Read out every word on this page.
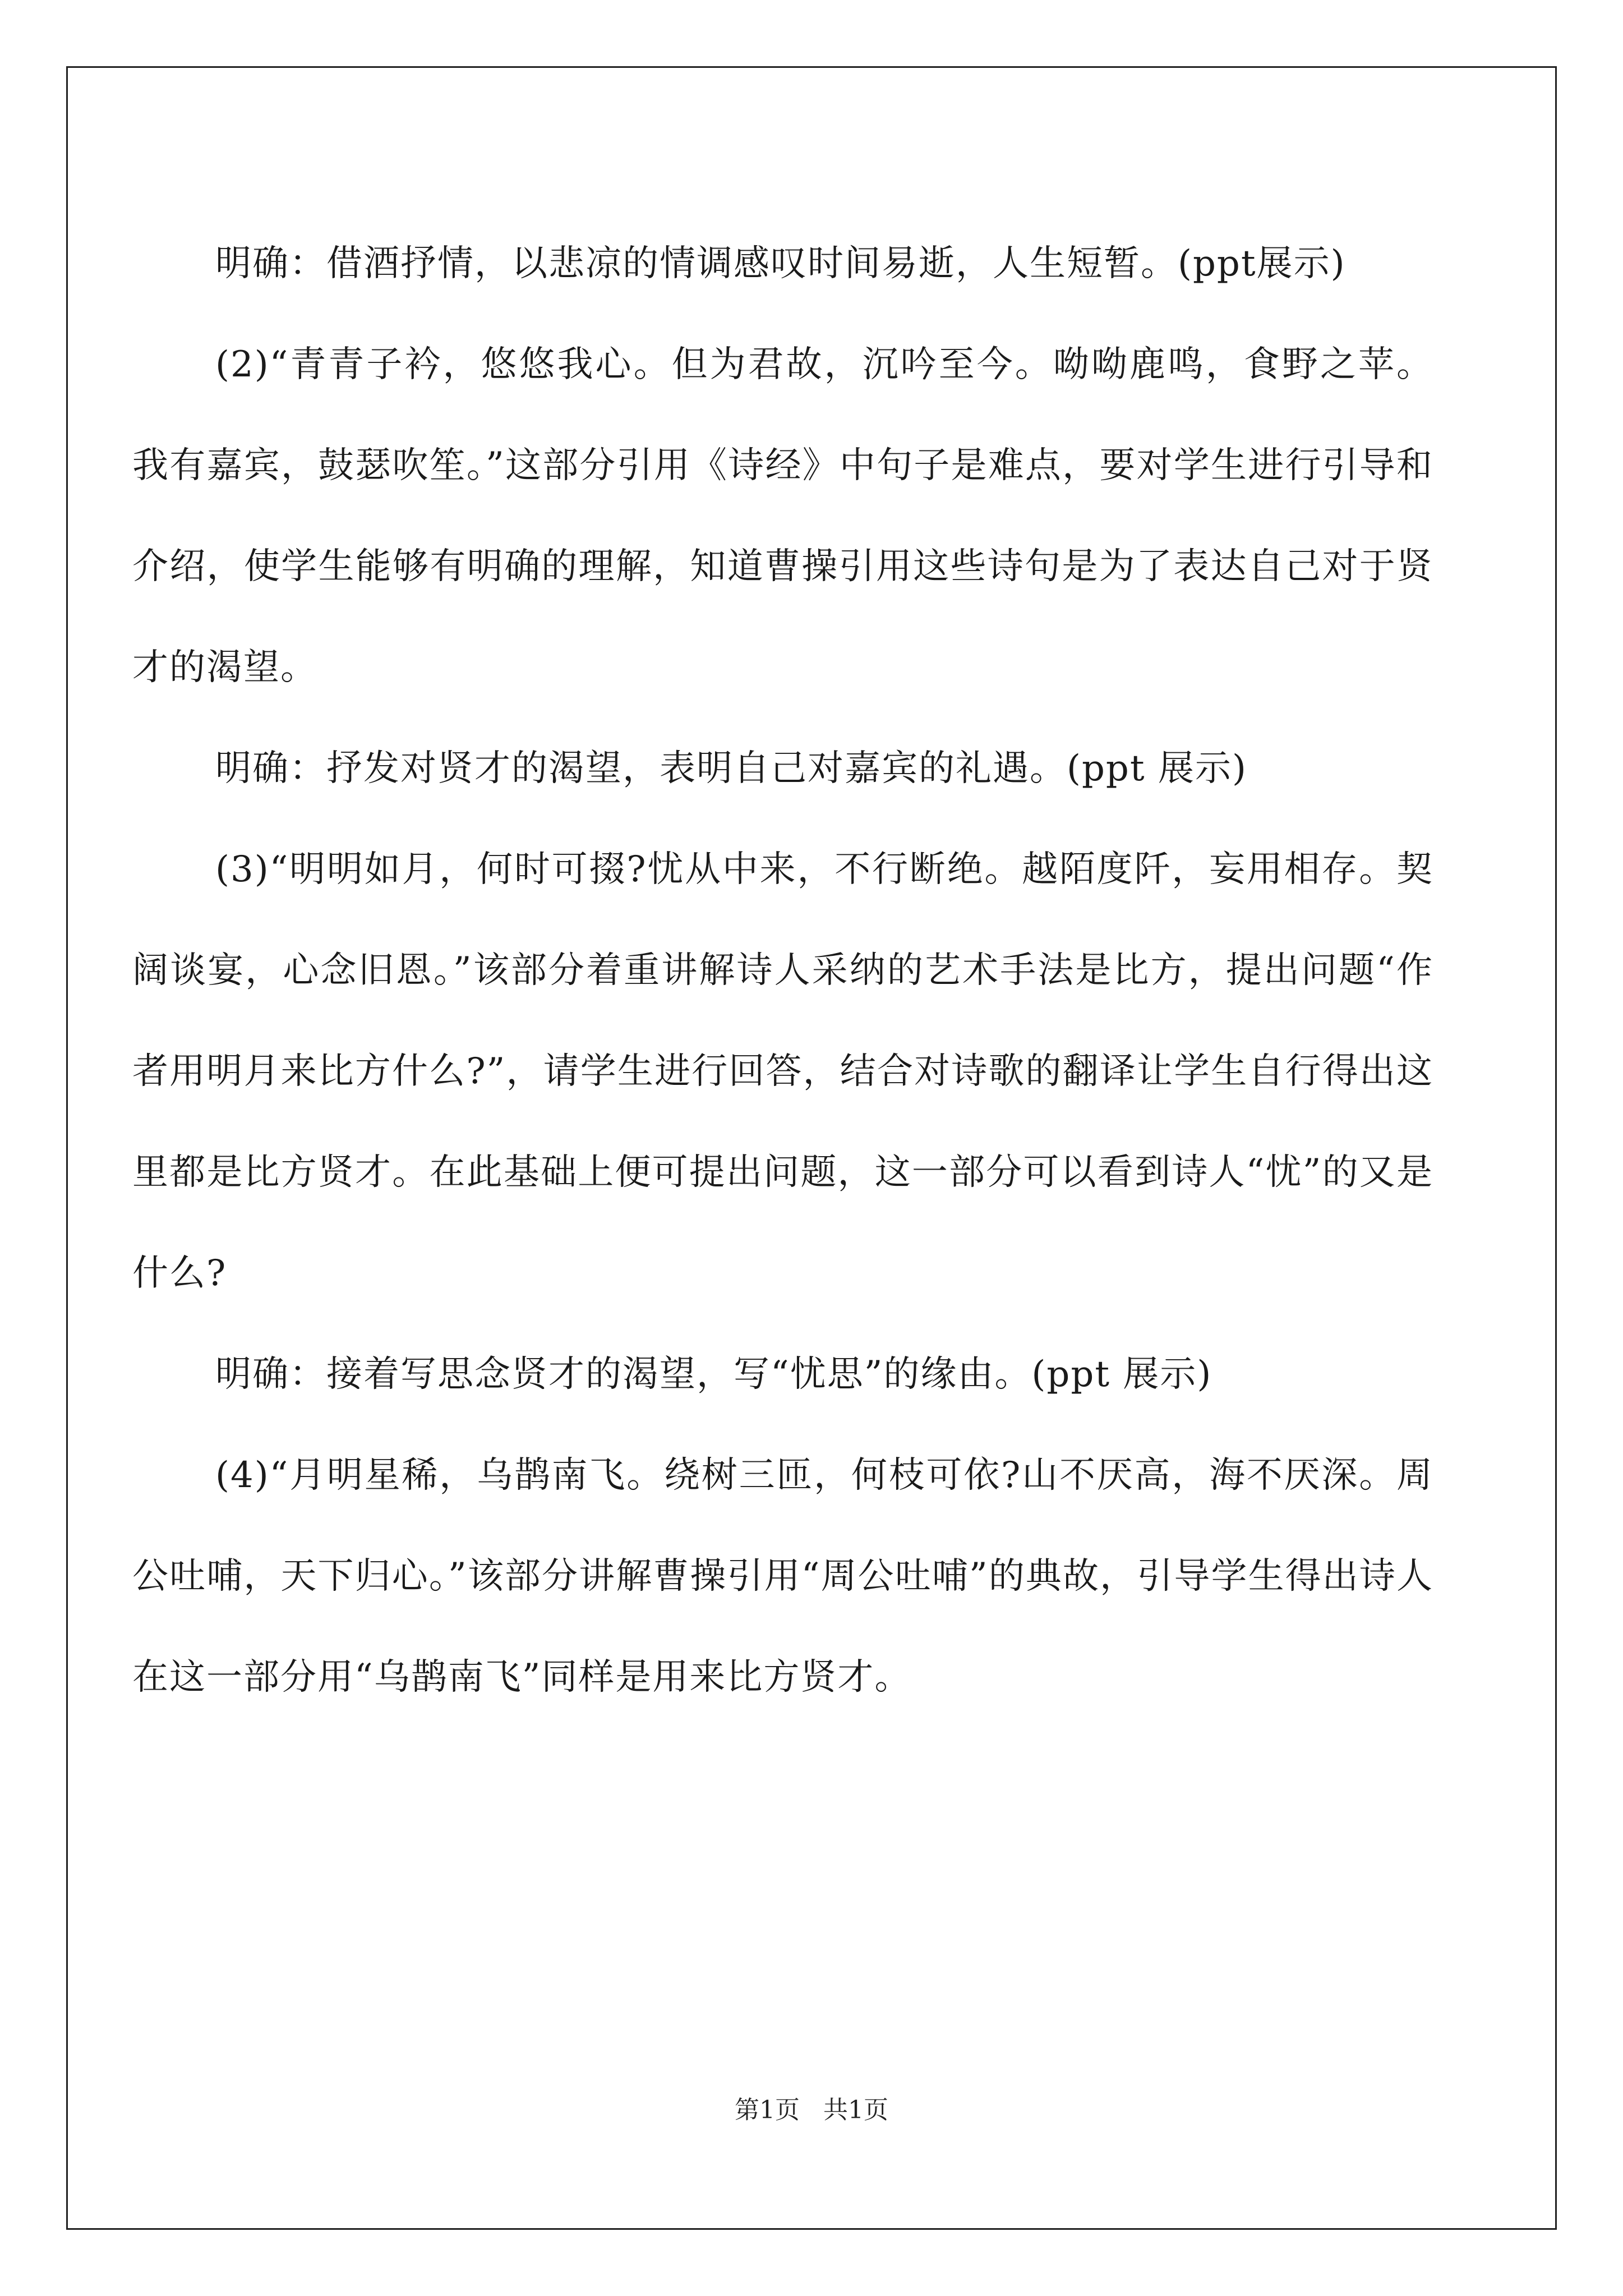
明确：借酒抒情，以悲凉的情调感叹时间易逝，人生短暂。(ppt展示)

(2)“青青子衿，悠悠我心。但为君故，沉吟至今。呦呦鹿鸣，食野之苹。我有嘉宾，鼓瑟吹笙。”这部分引用《诗经》中句子是难点，要对学生进行引导和介绍，使学生能够有明确的理解，知道曹操引用这些诗句是为了表达自己对于贤才的渴望。

明确：抒发对贤才的渴望，表明自己对嘉宾的礼遇。(ppt 展示)

(3)“明明如月，何时可掇?忧从中来，不行断绝。越陌度阡，妄用相存。契阔谈宴，心念旧恩。”该部分着重讲解诗人采纳的艺术手法是比方，提出问题“作者用明月来比方什么?”，请学生进行回答，结合对诗歌的翻译让学生自行得出这里都是比方贤才。在此基础上便可提出问题，这一部分可以看到诗人“忧”的又是什么?

明确：接着写思念贤才的渴望，写“忧思”的缘由。(ppt 展示)

(4)“月明星稀，乌鹊南飞。绕树三匝，何枝可依?山不厌高，海不厌深。周公吐哺，天下归心。”该部分讲解曹操引用“周公吐哺”的典故，引导学生得出诗人在这一部分用“乌鹊南飞”同样是用来比方贤才。

第1页 共1页
